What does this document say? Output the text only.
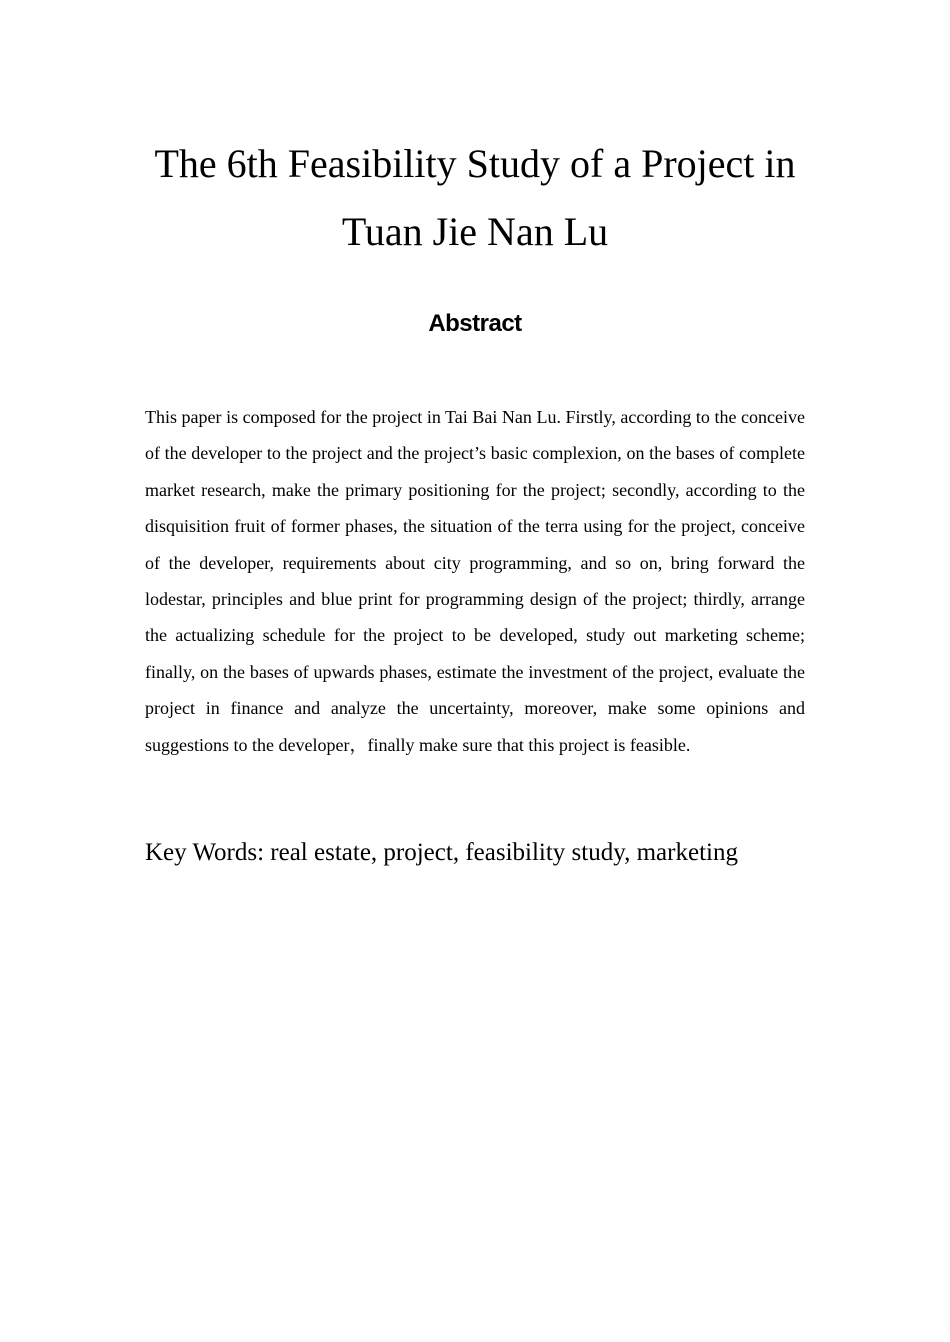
The 6th Feasibility Study of a Project in
Tuan Jie Nan Lu
Abstract

This paper is composed for the project in Tai Bai Nan Lu. Firstly, according to the conceive of the developer to the project and the project’s basic complexion, on the bases of complete market research, make the primary positioning for the project; secondly, according to the disquisition fruit of former phases, the situation of the terra using for the project, conceive of the developer, requirements about city programming, and so on, bring forward the lodestar, principles and blue print for programming design of the project; thirdly, arrange the actualizing schedule for the project to be developed, study out marketing scheme; finally, on the bases of upwards phases, estimate the investment of the project, evaluate the project in finance and analyze the uncertainty, moreover, make some opinions and suggestions to the developer，finally make sure that this project is feasible.

Key Words: real estate, project, feasibility study, marketing
